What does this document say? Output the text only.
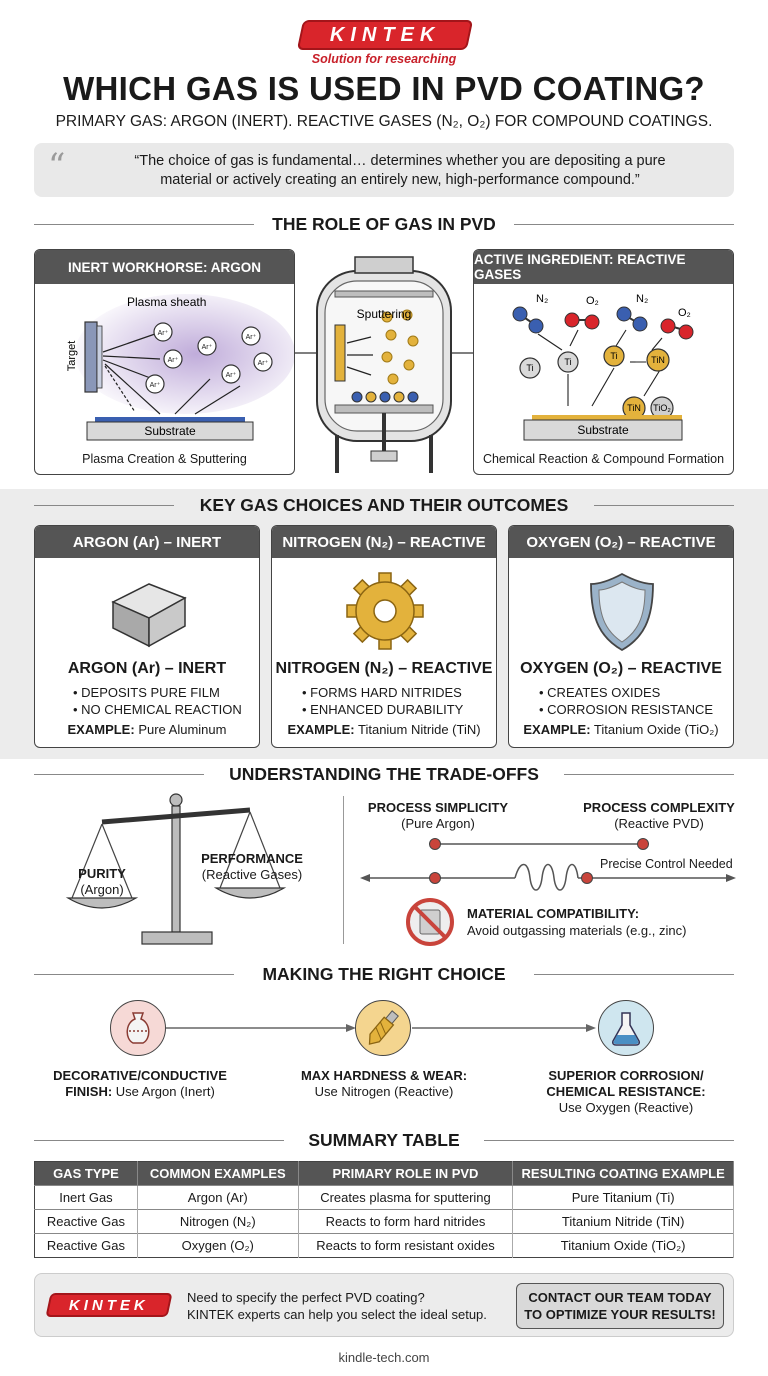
KINTEK
Solution for researching
WHICH GAS IS USED IN PVD COATING?
PRIMARY GAS: ARGON (INERT). REACTIVE GASES (N₂, O₂) FOR COMPOUND COATINGS.
“	“The choice of gas is fundamental… determines whether you are depositing a pure
material or actively creating an entirely new, high-performance compound.”
THE ROLE OF GAS IN PVD
INERT WORKHORSE: ARGON
Ar⁺
Ar⁺
Ar⁺
Ar⁺
Ar⁺
Ar⁺
Ar⁺
Plasma sheath
Target
Substrate
Plasma Creation & Sputtering
Sputtering
ACTIVE INGREDIENT: REACTIVE GASES
N₂	O₂	N₂
O₂
Ti
Ti
Ti	TiN
TiN TiO₂
Substrate
Chemical Reaction & Compound Formation
KEY GAS CHOICES AND THEIR OUTCOMES
ARGON (Ar) – INERT
ARGON (Ar) – INERT
• DEPOSITS PURE FILM
• NO CHEMICAL REACTION
EXAMPLE: Pure Aluminum
NITROGEN (N₂) – REACTIVE
NITROGEN (N₂) – REACTIVE
• FORMS HARD NITRIDES
• ENHANCED DURABILITY
EXAMPLE: Titanium Nitride (TiN)
OXYGEN (O₂) – REACTIVE
OXYGEN (O₂) – REACTIVE
• CREATES OXIDES
• CORROSION RESISTANCE
EXAMPLE: Titanium Oxide (TiO₂)
UNDERSTANDING THE TRADE-OFFS
PURITY
(Argon)
PERFORMANCE
(Reactive Gases)
PROCESS SIMPLICITY
(Pure Argon)
PROCESS COMPLEXITY
(Reactive PVD)
Precise Control Needed
MATERIAL COMPATIBILITY:
Avoid outgassing materials (e.g., zinc)
MAKING THE RIGHT CHOICE
DECORATIVE/CONDUCTIVE
FINISH: Use Argon (Inert)
MAX HARDNESS & WEAR:
Use Nitrogen (Reactive)
SUPERIOR CORROSION/
CHEMICAL RESISTANCE:
Use Oxygen (Reactive)
SUMMARY TABLE
GAS TYPE	COMMON EXAMPLES	PRIMARY ROLE IN PVD	RESULTING COATING EXAMPLE
Inert Gas	Argon (Ar)	Creates plasma for sputtering	Pure Titanium (Ti)
Reactive Gas	Nitrogen (N₂)	Reacts to form hard nitrides	Titanium Nitride (TiN)
Reactive Gas	Oxygen (O₂)	Reacts to form resistant oxides	Titanium Oxide (TiO₂)
KINTEK	Need to specify the perfect PVD coating?
KINTEK experts can help you select the ideal setup.
CONTACT OUR TEAM TODAY
TO OPTIMIZE YOUR RESULTS!
kindle-tech.com
